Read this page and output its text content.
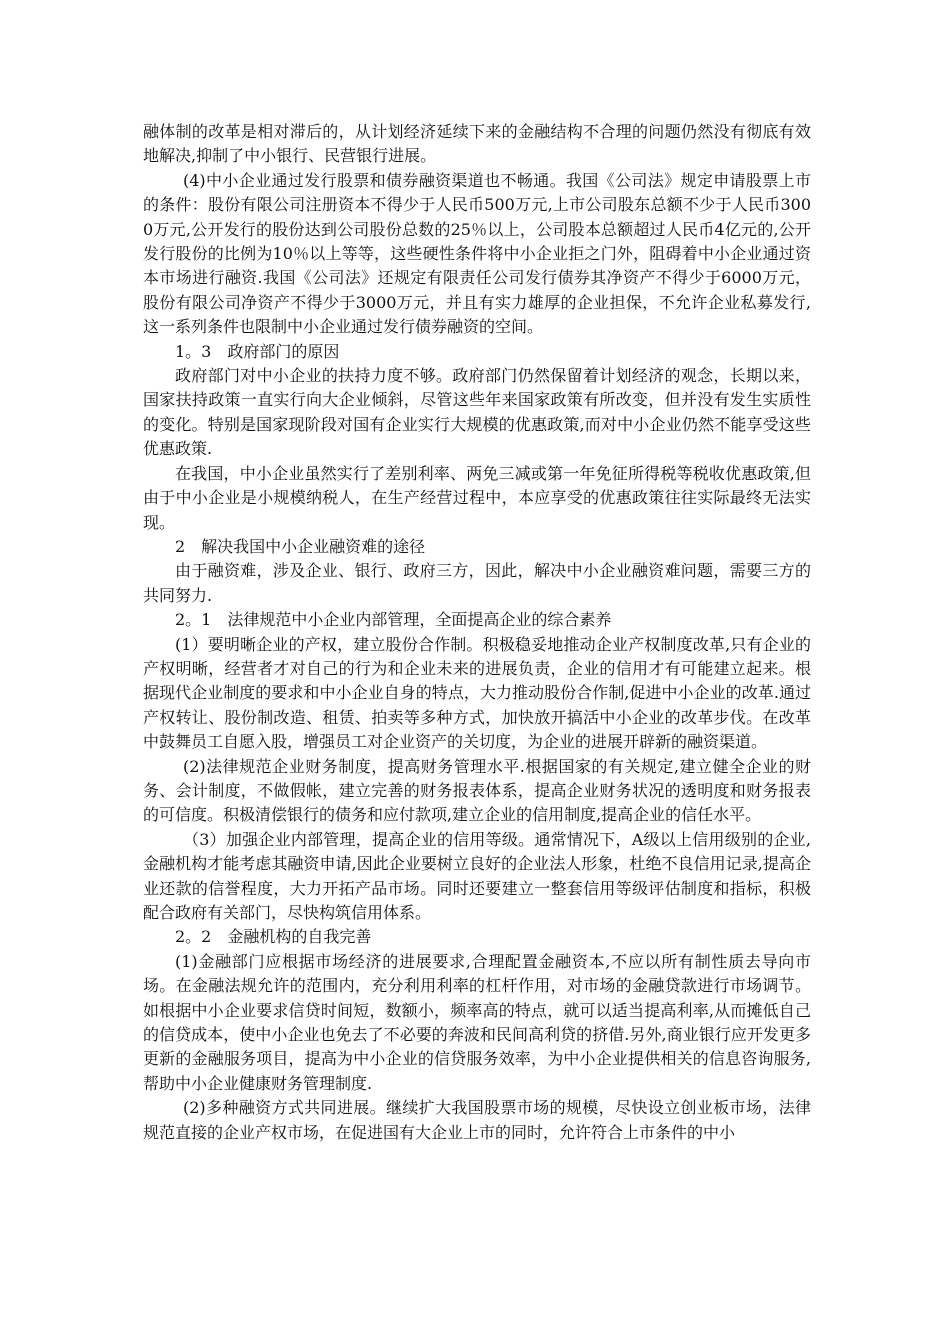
融体制的改革是相对滞后的，从计划经济延续下来的金融结构不合理的问题仍然没有彻底有效地解决,抑制了中小银行、民营银行进展。

(4)中小企业通过发行股票和债券融资渠道也不畅通。我国《公司法》规定申请股票上市的条件：股份有限公司注册资本不得少于人民币500万元,上市公司股东总额不少于人民币3000万元,公开发行的股份达到公司股份总数的25％以上，公司股本总额超过人民币4亿元的,公开发行股份的比例为10％以上等等，这些硬性条件将中小企业拒之门外，阻碍着中小企业通过资本市场进行融资.我国《公司法》还规定有限责任公司发行债券其净资产不得少于6000万元，股份有限公司净资产不得少于3000万元，并且有实力雄厚的企业担保，不允许企业私募发行,这一系列条件也限制中小企业通过发行债券融资的空间。

1。3　政府部门的原因

政府部门对中小企业的扶持力度不够。政府部门仍然保留着计划经济的观念，长期以来，国家扶持政策一直实行向大企业倾斜，尽管这些年来国家政策有所改变，但并没有发生实质性的变化。特别是国家现阶段对国有企业实行大规模的优惠政策,而对中小企业仍然不能享受这些优惠政策.

在我国，中小企业虽然实行了差别利率、两免三减或第一年免征所得税等税收优惠政策,但由于中小企业是小规模纳税人，在生产经营过程中，本应享受的优惠政策往往实际最终无法实现。

2　解决我国中小企业融资难的途径

由于融资难，涉及企业、银行、政府三方，因此，解决中小企业融资难问题，需要三方的共同努力.

2。1　法律规范中小企业内部管理，全面提高企业的综合素养

(1）要明晰企业的产权，建立股份合作制。积极稳妥地推动企业产权制度改革,只有企业的产权明晰，经营者才对自己的行为和企业未来的进展负责，企业的信用才有可能建立起来。根据现代企业制度的要求和中小企业自身的特点，大力推动股份合作制,促进中小企业的改革.通过产权转让、股份制改造、租赁、拍卖等多种方式，加快放开搞活中小企业的改革步伐。在改革中鼓舞员工自愿入股，增强员工对企业资产的关切度，为企业的进展开辟新的融资渠道。

(2)法律规范企业财务制度，提高财务管理水平.根据国家的有关规定,建立健全企业的财务、会计制度，不做假帐，建立完善的财务报表体系，提高企业财务状况的透明度和财务报表的可信度。积极清偿银行的债务和应付款项,建立企业的信用制度,提高企业的信任水平。

（3）加强企业内部管理，提高企业的信用等级。通常情况下，A级以上信用级别的企业,金融机构才能考虑其融资申请,因此企业要树立良好的企业法人形象，杜绝不良信用记录,提高企业还款的信誉程度，大力开拓产品市场。同时还要建立一整套信用等级评估制度和指标，积极配合政府有关部门，尽快构筑信用体系。

2。2　金融机构的自我完善

(1)金融部门应根据市场经济的进展要求,合理配置金融资本,不应以所有制性质去导向市场。在金融法规允许的范围内，充分利用利率的杠杆作用，对市场的金融贷款进行市场调节。如根据中小企业要求信贷时间短，数额小，频率高的特点，就可以适当提高利率,从而摊低自己的信贷成本，使中小企业也免去了不必要的奔波和民间高利贷的挤借.另外,商业银行应开发更多更新的金融服务项目，提高为中小企业的信贷服务效率，为中小企业提供相关的信息咨询服务,帮助中小企业健康财务管理制度.

(2)多种融资方式共同进展。继续扩大我国股票市场的规模，尽快设立创业板市场，法律规范直接的企业产权市场，在促进国有大企业上市的同时，允许符合上市条件的中小
